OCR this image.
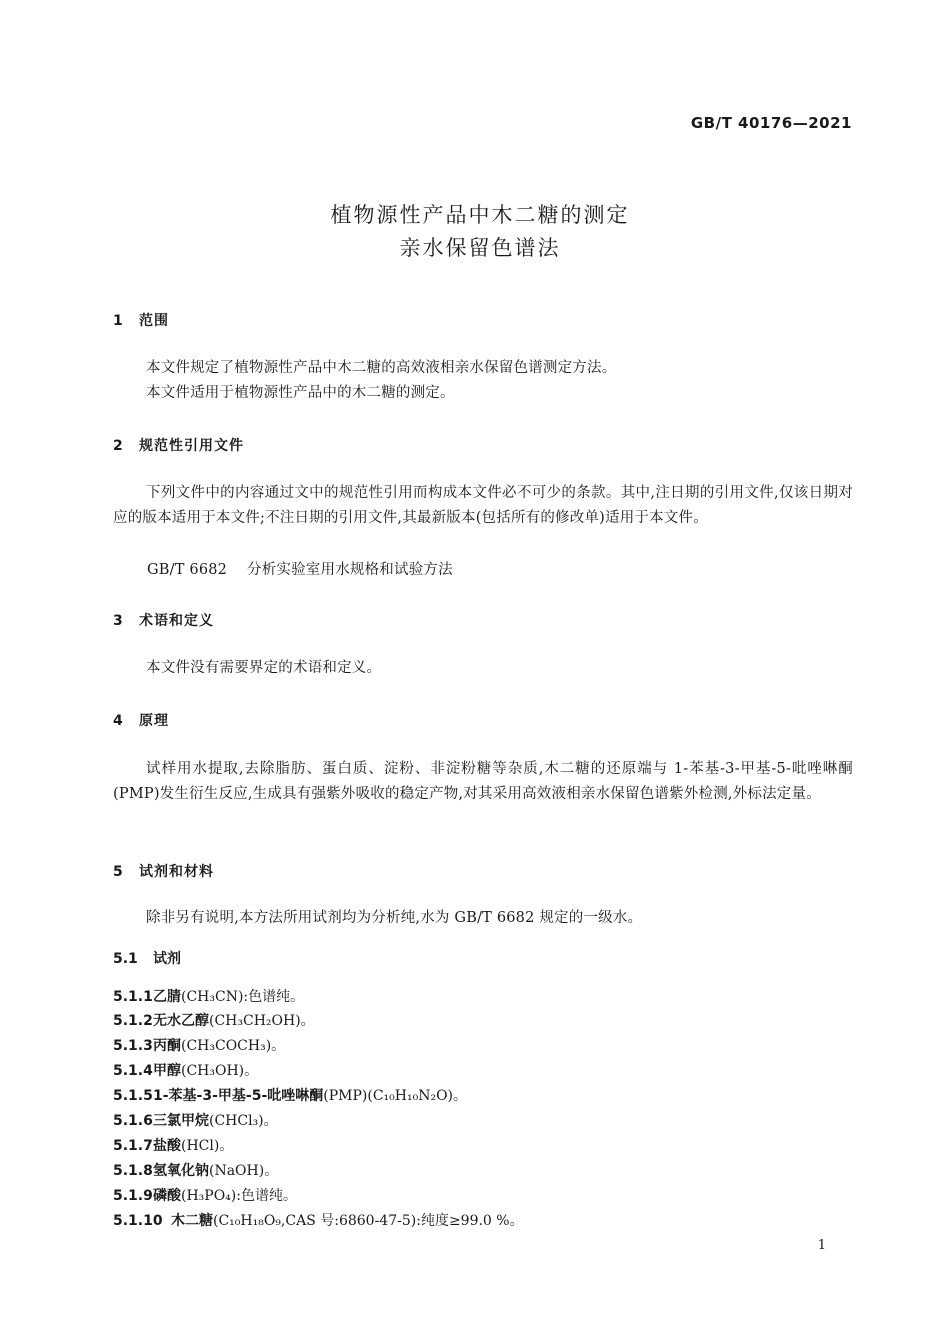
GB/T 40176—2021
植物源性产品中木二糖的测定
亲水保留色谱法
1 范围

本文件规定了植物源性产品中木二糖的高效液相亲水保留色谱测定方法。

本文件适用于植物源性产品中的木二糖的测定。

2 规范性引用文件

下列文件中的内容通过文中的规范性引用而构成本文件必不可少的条款。其中,注日期的引用文件,仅该日期对应的版本适用于本文件;不注日期的引用文件,其最新版本(包括所有的修改单)适用于本文件。

GB/T 6682 分析实验室用水规格和试验方法
3 术语和定义

本文件没有需要界定的术语和定义。

4 原理

试样用水提取,去除脂肪、蛋白质、淀粉、非淀粉糖等杂质,木二糖的还原端与 1-苯基-3-甲基-5-吡唑啉酮(PMP)发生衍生反应,生成具有强紫外吸收的稳定产物,对其采用高效液相亲水保留色谱紫外检测,外标法定量。

5 试剂和材料

除非另有说明,本方法所用试剂均为分析纯,水为 GB/T 6682 规定的一级水。

5.1 试剂
5.1.1乙腈(CH₃CN):色谱纯。
5.1.2无水乙醇(CH₃CH₂OH)。
5.1.3丙酮(CH₃COCH₃)。
5.1.4甲醇(CH₃OH)。
5.1.51-苯基-3-甲基-5-吡唑啉酮(PMP)(C₁₀H₁₀N₂O)。
5.1.6三氯甲烷(CHCl₃)。
5.1.7盐酸(HCl)。
5.1.8氢氧化钠(NaOH)。
5.1.9磷酸(H₃PO₄):色谱纯。
5.1.10 木二糖(C₁₀H₁₈O₉,CAS 号:6860-47-5):纯度≥99.0 %。
1
